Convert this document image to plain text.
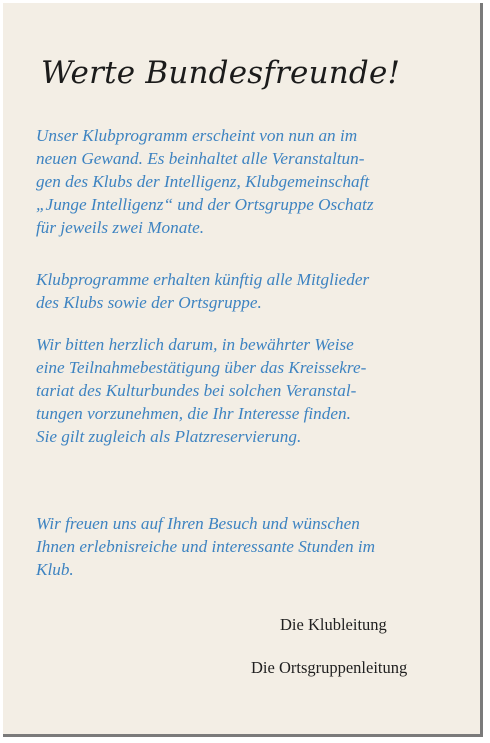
Werte Bundesfreunde!

Unser Klubprogramm erscheint von nun an im
neuen Gewand. Es beinhaltet alle Veranstaltun-
gen des Klubs der Intelligenz, Klubgemeinschaft
„Junge Intelligenz“ und der Ortsgruppe Oschatz
für jeweils zwei Monate.

Klubprogramme erhalten künftig alle Mitglieder
des Klubs sowie der Ortsgruppe.

Wir bitten herzlich darum, in bewährter Weise
eine Teilnahmebestätigung über das Kreissekre-
tariat des Kulturbundes bei solchen Veranstal-
tungen vorzunehmen, die Ihr Interesse finden.
Sie gilt zugleich als Platzreservierung.

Wir freuen uns auf Ihren Besuch und wünschen
Ihnen erlebnisreiche und interessante Stunden im
Klub.

Die Klubleitung

Die Ortsgruppenleitung
